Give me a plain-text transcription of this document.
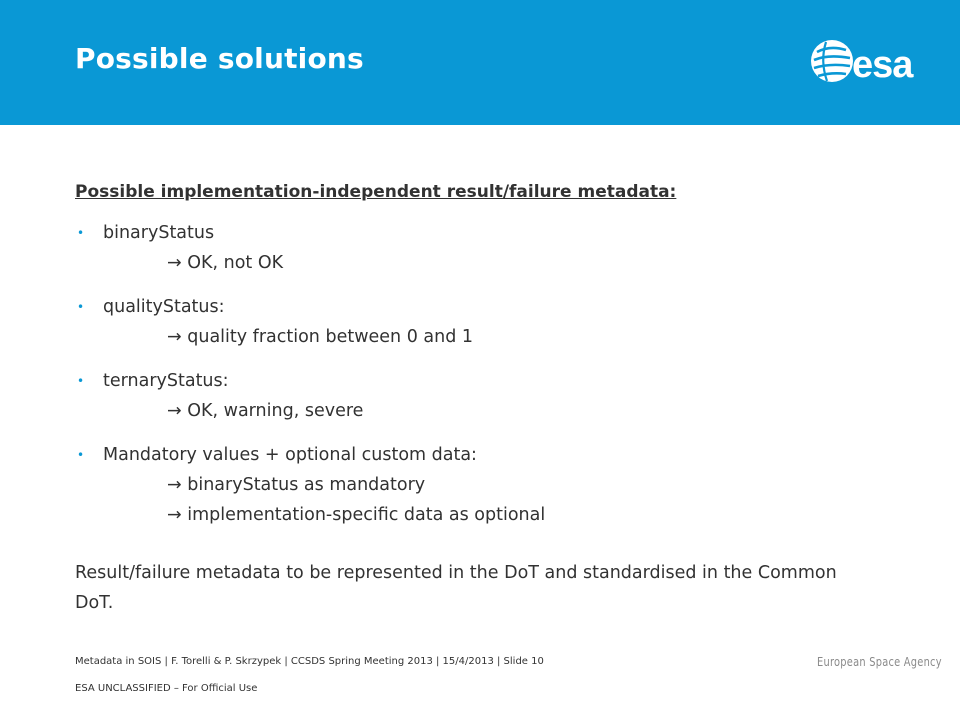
Possible solutions	esa
Possible implementation-independent result/failure metadata:
• binaryStatus
→ OK, not OK
• qualityStatus:
→ quality fraction between 0 and 1
• ternaryStatus:
→ OK, warning, severe
• Mandatory values + optional custom data:
→ binaryStatus as mandatory
→ implementation-specific data as optional
Result/failure metadata to be represented in the DoT and standardised in the Common DoT.
Metadata in SOIS | F. Torelli & P. Skrzypek | CCSDS Spring Meeting 2013 | 15/4/2013 | Slide 10	European Space Agency
ESA UNCLASSIFIED – For Official Use
